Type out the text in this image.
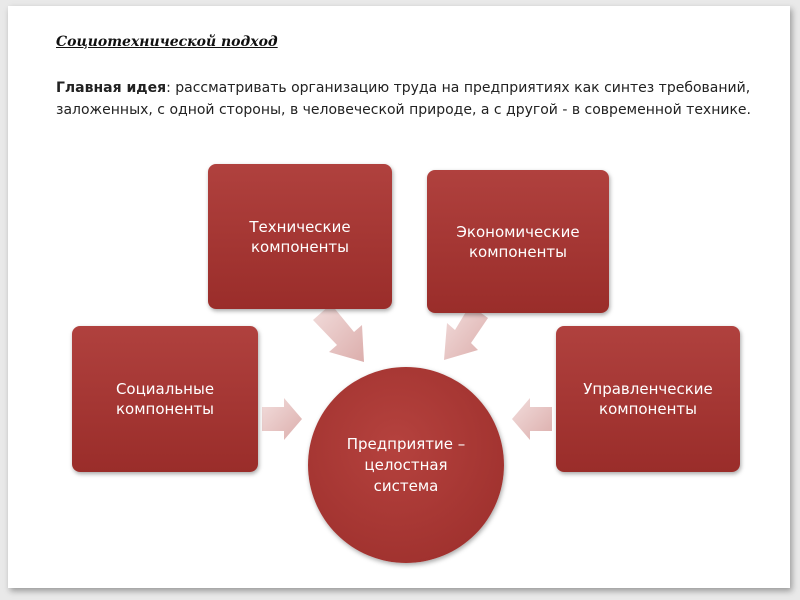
Социотехнической подход
Главная идея: рассматривать организацию труда на предприятиях как синтез требований, заложенных, с одной стороны, в человеческой природе, а с другой - в современной технике.
Технические
компоненты
Экономические
компоненты
Социальные
компоненты
Управленческие
компоненты
Предприятие –
целостная
система
